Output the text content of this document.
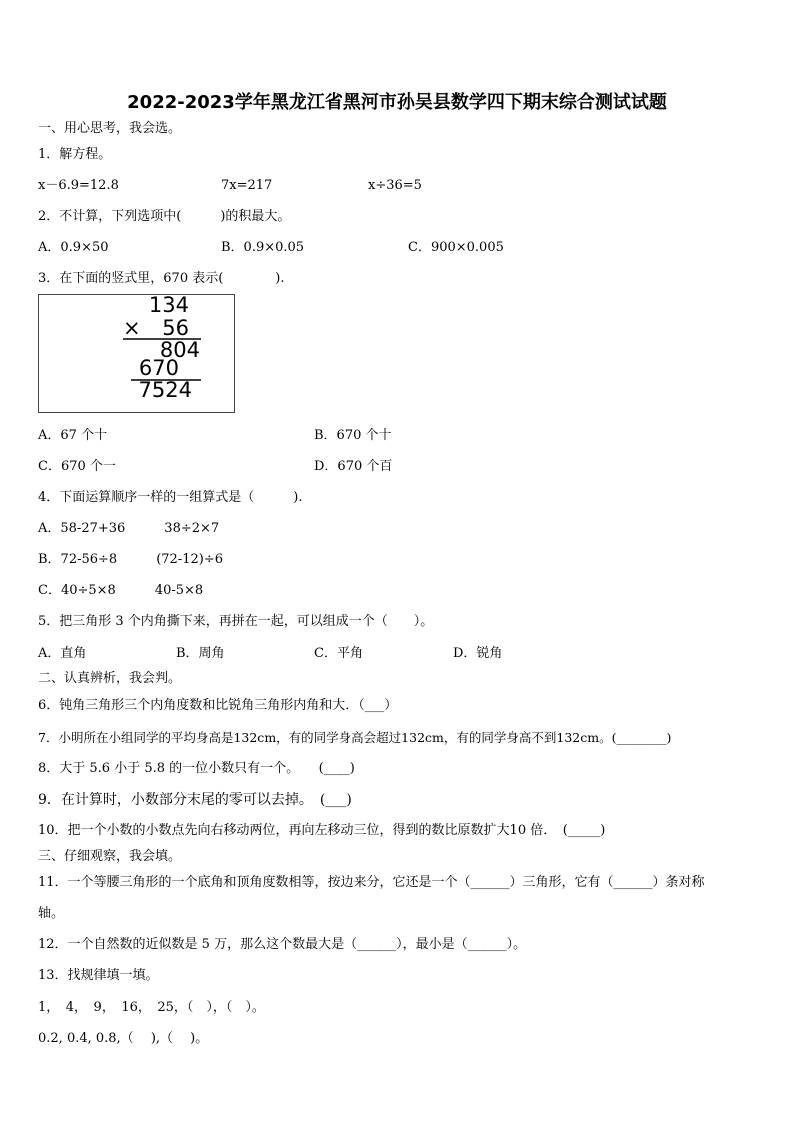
2022-2023学年黑龙江省黑河市孙吴县数学四下期末综合测试试题
一、用心思考，我会选。
1．解方程。
x－6.9=12.8	7x=217	x÷36=5
2．不计算，下列选项中(　　　)的积最大。
A．0.9×50	B．0.9×0.05	C．900×0.005
3．在下面的竖式里，670 表示(　　　　).
134
× 56
804
670
7524
A．67 个十	B．670 个十
C．670 个一	D．670 个百
4．下面运算顺序一样的一组算式是（　　　).
A．58-27+36　　　38÷2×7
B．72-56÷8　　　(72-12)÷6
C．40÷5×8　　　40-5×8
5．把三角形 3 个内角撕下来，再拼在一起，可以组成一个（　　）。
A．直角	B．周角	C．平角	D．锐角
二、认真辨析，我会判。
6．钝角三角形三个内角度数和比锐角三角形内角和大．（___）
7．小明所在小组同学的平均身高是132cm，有的同学身高会超过132cm，有的同学身高不到132cm。(________)
8．大于 5.6 小于 5.8 的一位小数只有一个。　　(____)
9．在计算时，小数部分末尾的零可以去掉。　(___)
10．把一个小数的小数点先向右移动两位，再向左移动三位，得到的数比原数扩大10 倍．　(_____)
三、仔细观察，我会填。
11．一个等腰三角形的一个底角和顶角度数相等，按边来分，它还是一个（______）三角形，它有（______）条对称
轴。
12．一个自然数的近似数是 5 万，那么这个数最大是（______），最小是（______）。
13．找规律填一填。
1，　4，　9，　16，　25，（　），（　）。
0.2, 0.4, 0.8,（　 ),（　 )。
